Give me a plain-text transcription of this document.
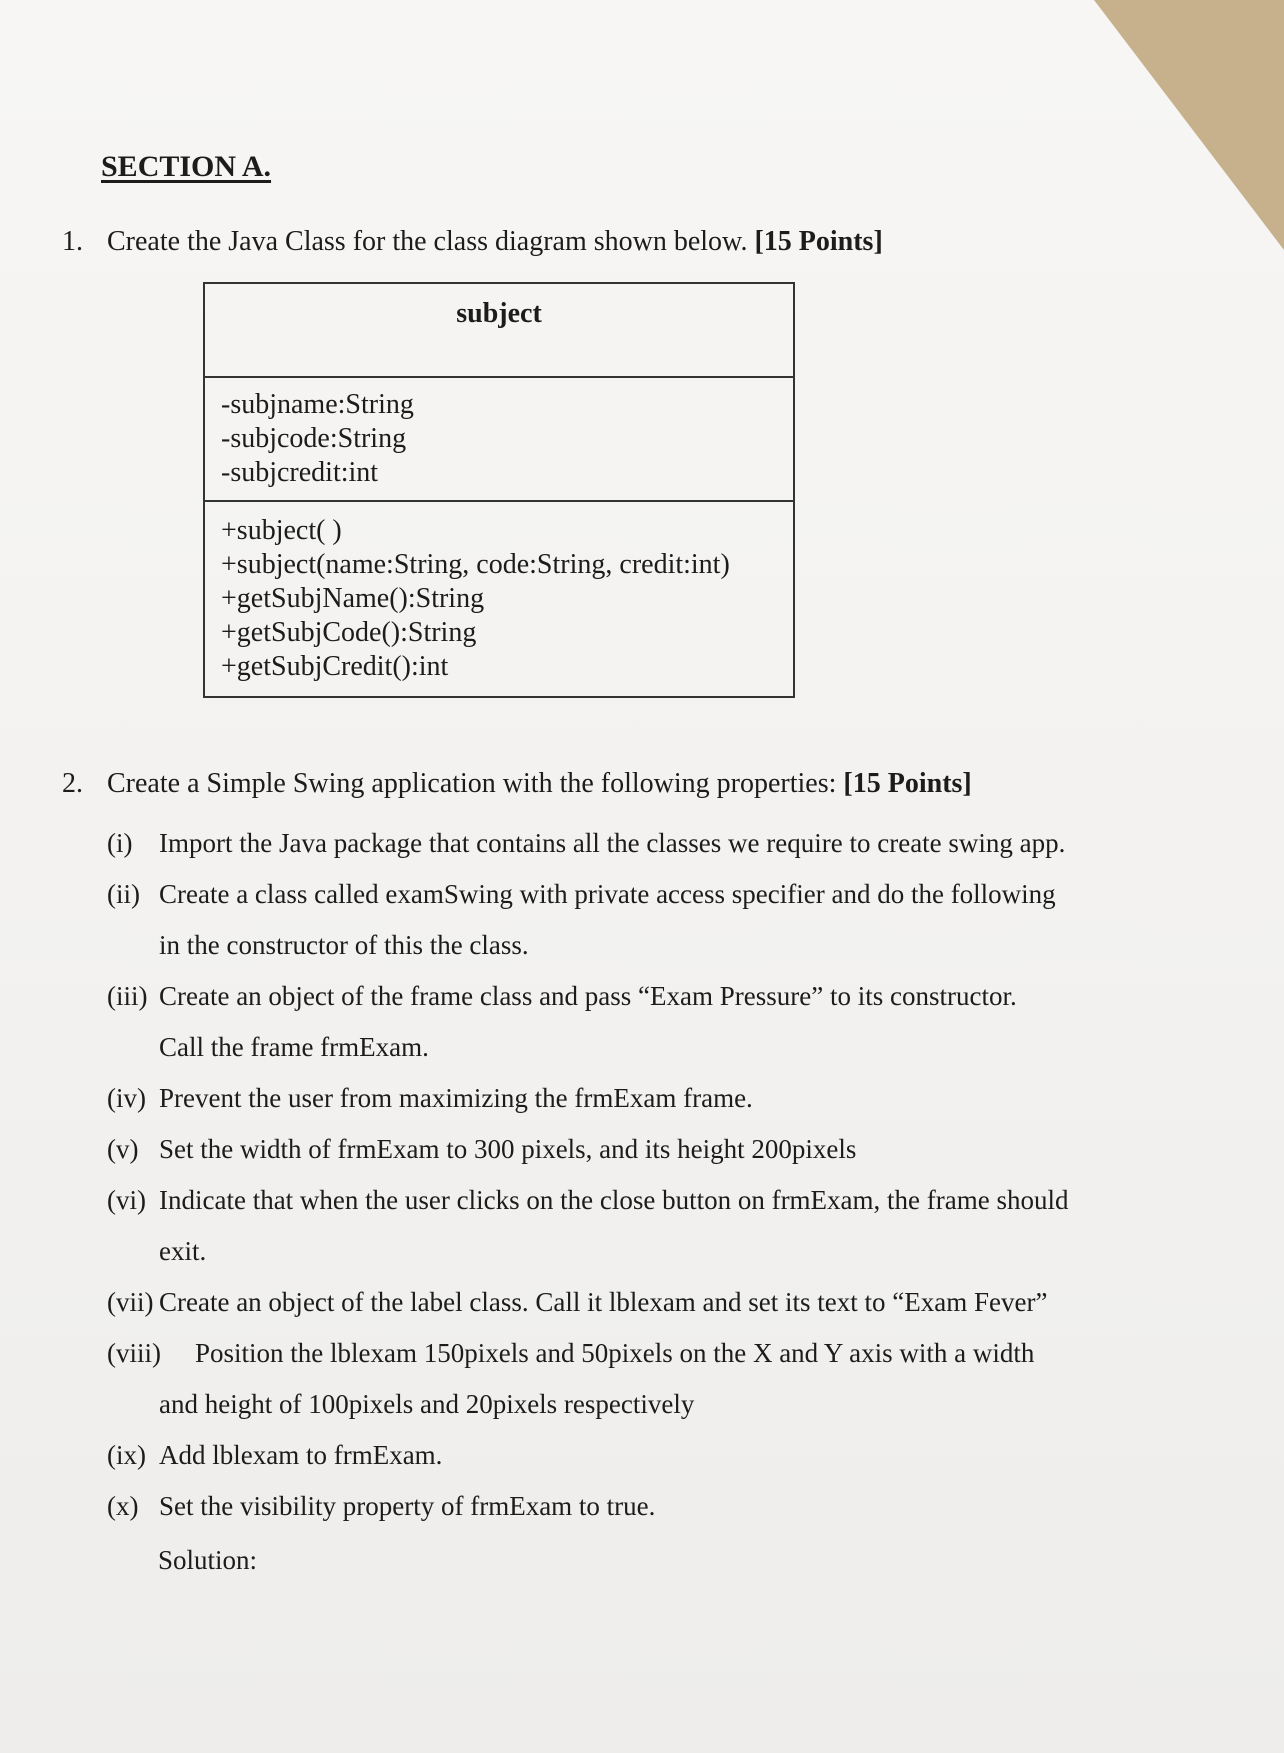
SECTION A.
1. Create the Java Class for the class diagram shown below. [15 Points]
subject
-subjname:String
-subjcode:String
-subjcredit:int
+subject( )
+subject(name:String, code:String, credit:int)
+getSubjName():String
+getSubjCode():String
+getSubjCredit():int
2. Create a Simple Swing application with the following properties: [15 Points]
(i) Import the Java package that contains all the classes we require to create swing app.
(ii) Create a class called examSwing with private access specifier and do the following
in the constructor of this the class.
(iii) Create an object of the frame class and pass “Exam Pressure” to its constructor.
Call the frame frmExam.
(iv) Prevent the user from maximizing the frmExam frame.
(v) Set the width of frmExam to 300 pixels, and its height 200pixels
(vi) Indicate that when the user clicks on the close button on frmExam, the frame should
exit.
(vii) Create an object of the label class. Call it lblexam and set its text to “Exam Fever”
(viii)	Position the lblexam 150pixels and 50pixels on the X and Y axis with a width
and height of 100pixels and 20pixels respectively
(ix) Add lblexam to frmExam.
(x) Set the visibility property of frmExam to true.
Solution:
